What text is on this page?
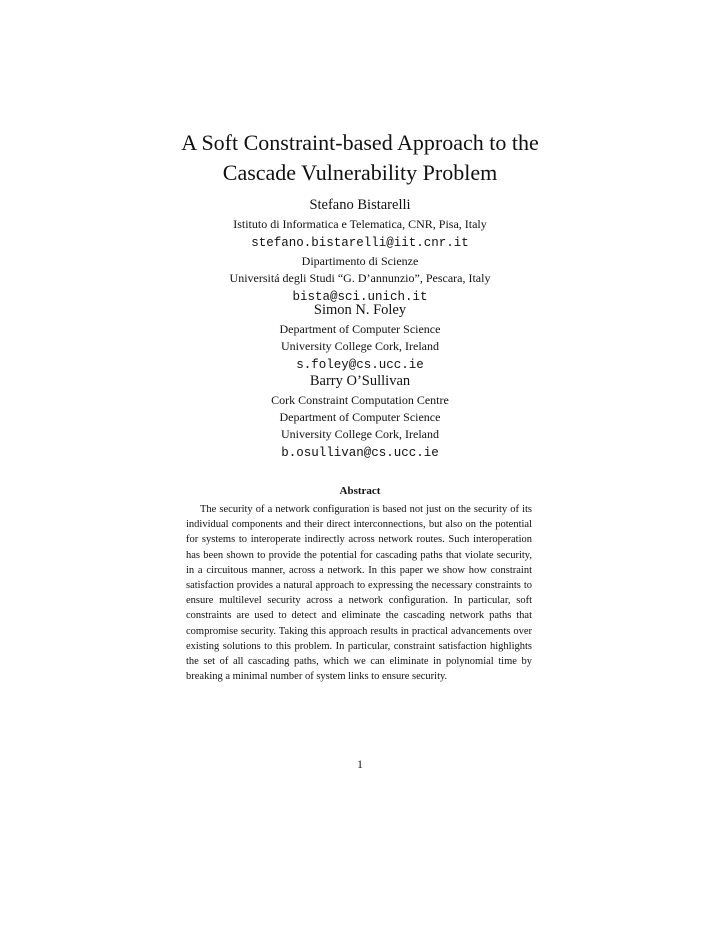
A Soft Constraint-based Approach to the
Cascade Vulnerability Problem
Stefano Bistarelli
Istituto di Informatica e Telematica, CNR, Pisa, Italy
stefano.bistarelli@iit.cnr.it
Dipartimento di Scienze
Universitá degli Studi “G. D’annunzio”, Pescara, Italy
bista@sci.unich.it
Simon N. Foley
Department of Computer Science
University College Cork, Ireland
s.foley@cs.ucc.ie
Barry O’Sullivan
Cork Constraint Computation Centre
Department of Computer Science
University College Cork, Ireland
b.osullivan@cs.ucc.ie
Abstract
The security of a network configuration is based not just on the security of its individual components and their direct interconnections, but also on the potential for systems to interoperate indirectly across network routes. Such interoperation has been shown to provide the potential for cascading paths that violate security, in a circuitous manner, across a network. In this paper we show how constraint satisfaction provides a natural approach to expressing the necessary constraints to ensure multilevel security across a network configuration. In particular, soft constraints are used to detect and eliminate the cascading network paths that compromise security. Taking this approach results in practical advancements over existing solutions to this problem. In particular, constraint satisfaction highlights the set of all cascading paths, which we can eliminate in polynomial time by breaking a minimal number of system links to ensure security.
1
